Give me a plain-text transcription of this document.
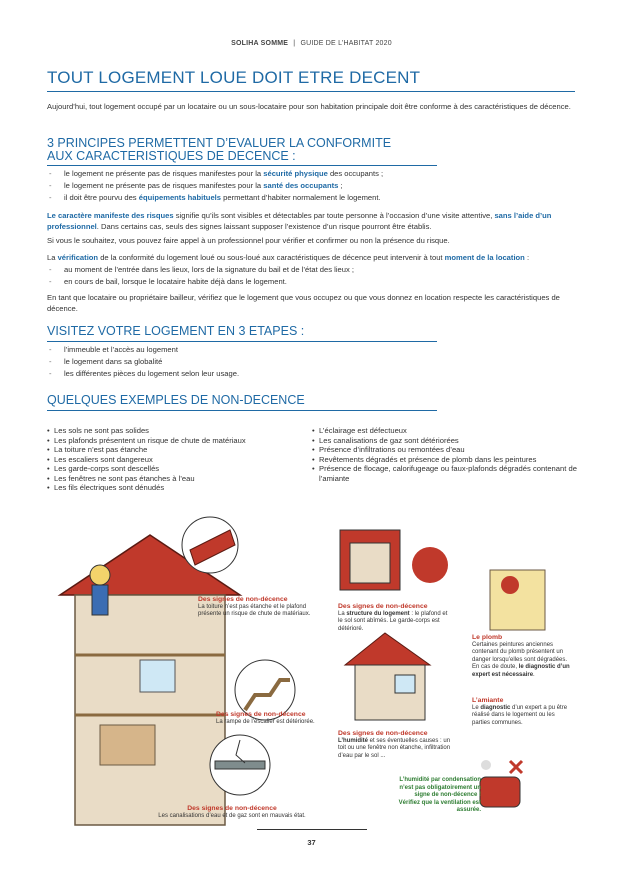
SOLIHA SOMME | GUIDE DE L’HABITAT 2020
TOUT LOGEMENT LOUE DOIT ETRE DECENT
Aujourd’hui, tout logement occupé par un locataire ou un sous-locataire pour son habitation principale doit être conforme à des caractéristiques de décence.
3 PRINCIPES PERMETTENT D’EVALUER LA CONFORMITE
AUX CARACTERISTIQUES DE DECENCE :
- le logement ne présente pas de risques manifestes pour la sécurité physique des occupants ;
- le logement ne présente pas de risques manifestes pour la santé des occupants ;
- il doit être pourvu des équipements habituels permettant d’habiter normalement le logement.
Le caractère manifeste des risques signifie qu’ils sont visibles et détectables par toute personne à l’occasion d’une visite attentive, sans l’aide d’un professionnel. Dans certains cas, seuls des signes laissant supposer l’existence d’un risque pourront être établis.
Si vous le souhaitez, vous pouvez faire appel à un professionnel pour vérifier et confirmer ou non la présence du risque.
La vérification de la conformité du logement loué ou sous-loué aux caractéristiques de décence peut intervenir à tout moment de la location :
- au moment de l’entrée dans les lieux, lors de la signature du bail et de l’état des lieux ;
- en cours de bail, lorsque le locataire habite déjà dans le logement.
En tant que locataire ou propriétaire bailleur, vérifiez que le logement que vous occupez ou que vous donnez en location respecte les caractéristiques de décence.
VISITEZ VOTRE LOGEMENT EN 3 ETAPES :
- l’immeuble et l’accès au logement
- le logement dans sa globalité
- les différentes pièces du logement selon leur usage.
QUELQUES EXEMPLES DE NON-DECENCE
• Les sols ne sont pas solides
• Les plafonds présentent un risque de chute de matériaux
• La toiture n’est pas étanche
• Les escaliers sont dangereux
• Les garde-corps sont descellés
• Les fenêtres ne sont pas étanches à l’eau
• Les fils électriques sont dénudés
• L’éclairage est défectueux
• Les canalisations de gaz sont détériorées
• Présence d’infiltrations ou remontées d’eau
• Revêtements dégradés et présence de plomb dans les peintures
• Présence de flocage, calorifugeage ou faux-plafonds dégradés contenant de l’amiante
Des signes de non-décence
La toiture n’est pas étanche et le plafond présente un risque de chute de matériaux.
Des signes de non-décence
La rampe de l’escalier est détériorée.
Des signes de non-décence
Les canalisations d’eau et de gaz sont en mauvais état.
Des signes de non-décence
La structure du logement : le plafond et le sol sont abîmés. Le garde-corps est détérioré.
Des signes de non-décence
L’humidité et ses éventuelles causes : un toit ou une fenêtre non étanche, infiltration d’eau par le sol ...
Le plomb
Certaines peintures anciennes contenant du plomb présentent un danger lorsqu’elles sont dégradées. En cas de doute, le diagnostic d’un expert est nécessaire.
L’amiante
Le diagnostic d’un expert a pu être réalisé dans le logement ou les parties communes.
L’humidité par condensation n’est pas obligatoirement un signe de non-décence ! Vérifiez que la ventilation est assurée.
37
